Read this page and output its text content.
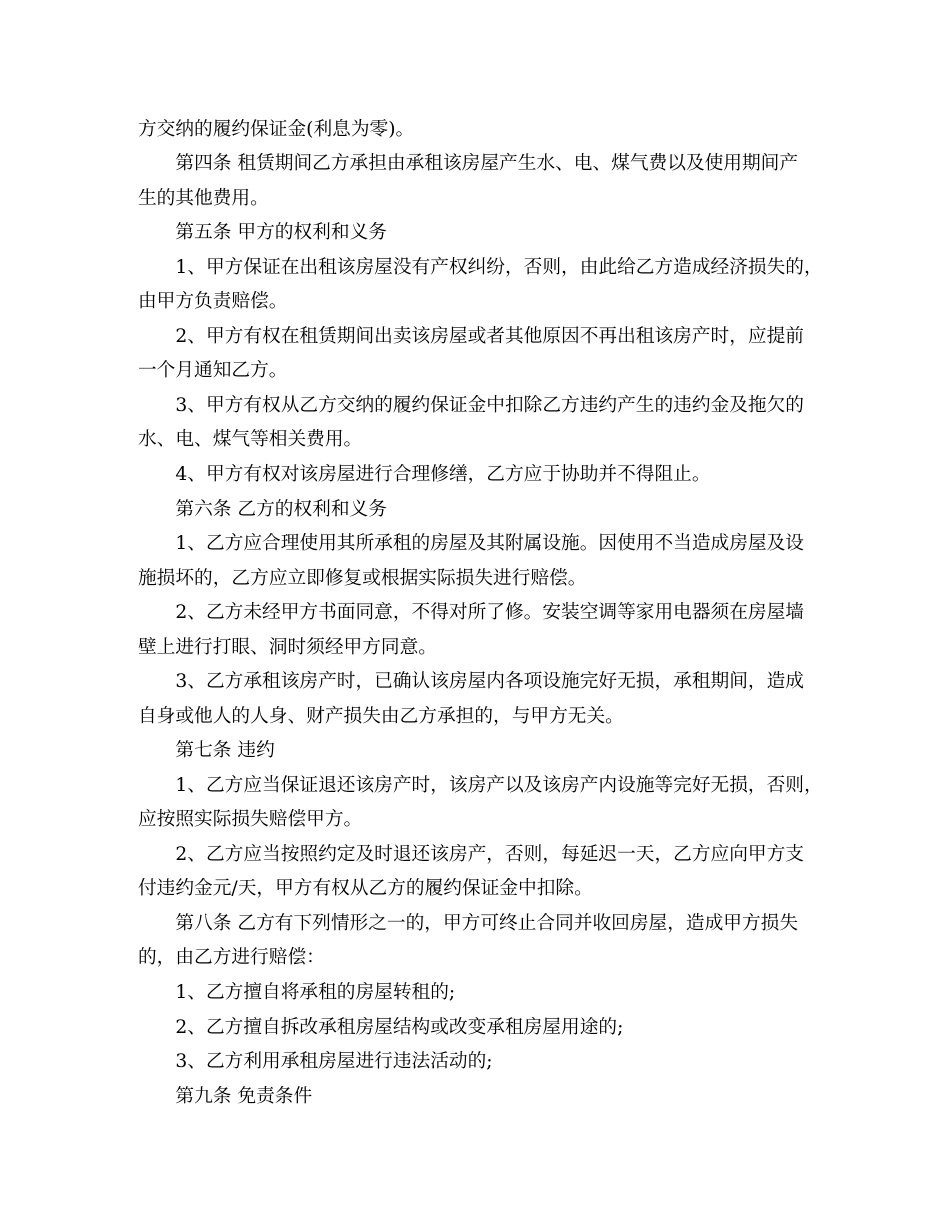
方交纳的履约保证金(利息为零)。
第四条 租赁期间乙方承担由承租该房屋产生水、电、煤气费以及使用期间产
生的其他费用。
第五条 甲方的权利和义务
1、甲方保证在出租该房屋没有产权纠纷，否则，由此给乙方造成经济损失的，
由甲方负责赔偿。
2、甲方有权在租赁期间出卖该房屋或者其他原因不再出租该房产时，应提前
一个月通知乙方。
3、甲方有权从乙方交纳的履约保证金中扣除乙方违约产生的违约金及拖欠的
水、电、煤气等相关费用。
4、甲方有权对该房屋进行合理修缮，乙方应于协助并不得阻止。
第六条 乙方的权利和义务
1、乙方应合理使用其所承租的房屋及其附属设施。因使用不当造成房屋及设
施损坏的，乙方应立即修复或根据实际损失进行赔偿。
2、乙方未经甲方书面同意，不得对所了修。安装空调等家用电器须在房屋墙
壁上进行打眼、洞时须经甲方同意。
3、乙方承租该房产时，已确认该房屋内各项设施完好无损，承租期间，造成
自身或他人的人身、财产损失由乙方承担的，与甲方无关。
第七条 违约
1、乙方应当保证退还该房产时，该房产以及该房产内设施等完好无损，否则，
应按照实际损失赔偿甲方。
2、乙方应当按照约定及时退还该房产，否则，每延迟一天，乙方应向甲方支
付违约金元/天，甲方有权从乙方的履约保证金中扣除。
第八条 乙方有下列情形之一的，甲方可终止合同并收回房屋，造成甲方损失
的，由乙方进行赔偿：
1、乙方擅自将承租的房屋转租的;
2、乙方擅自拆改承租房屋结构或改变承租房屋用途的;
3、乙方利用承租房屋进行违法活动的;
第九条 免责条件
